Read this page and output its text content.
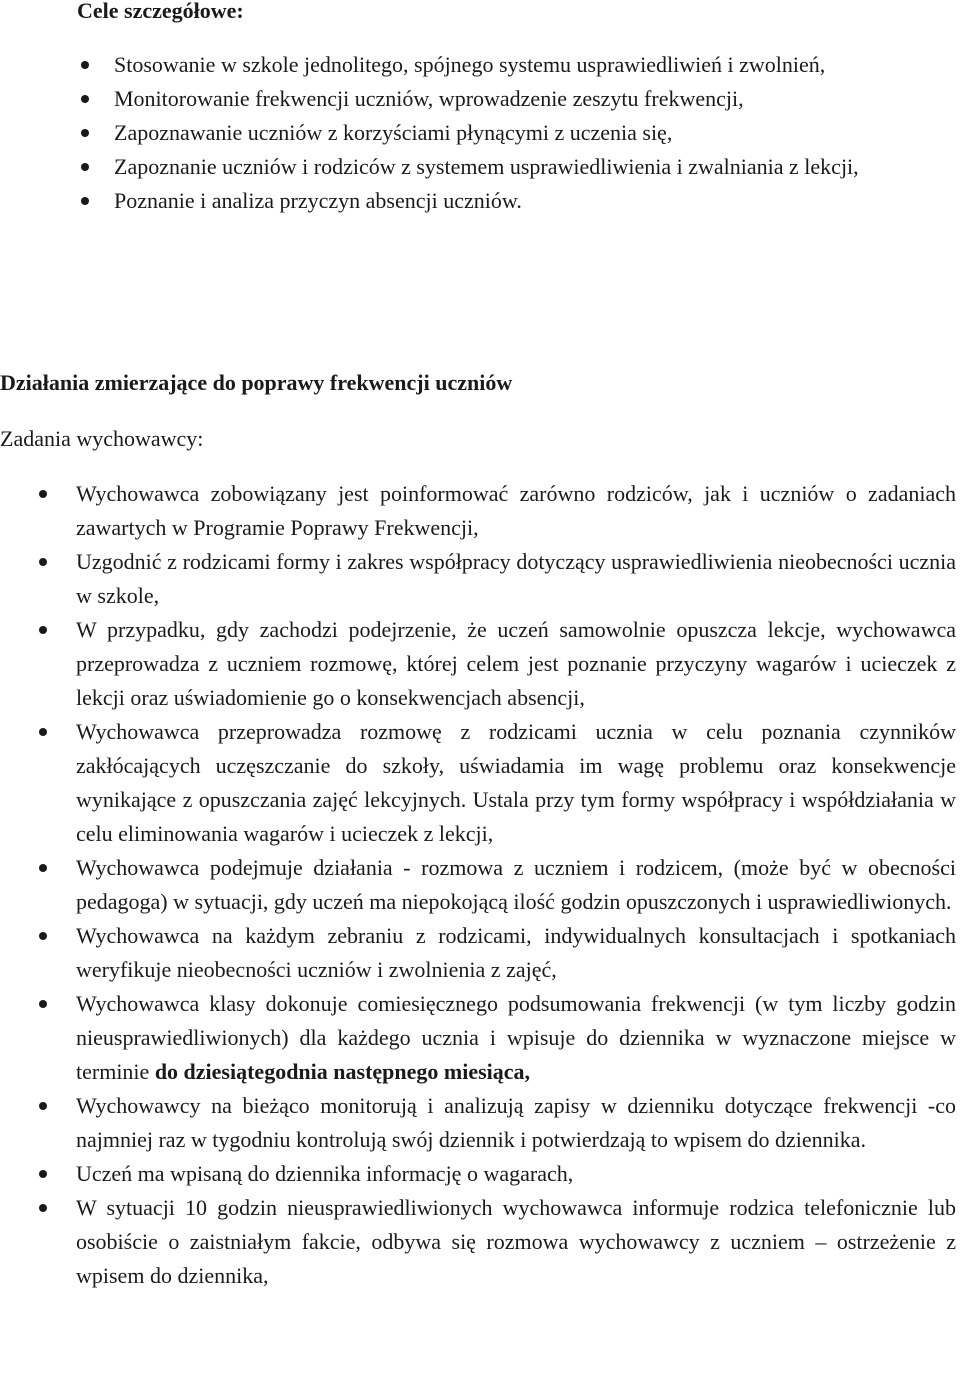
Cele szczegółowe:
Stosowanie w szkole jednolitego, spójnego systemu usprawiedliwień i zwolnień,
Monitorowanie frekwencji uczniów, wprowadzenie zeszytu frekwencji,
Zapoznawanie uczniów z korzyściami płynącymi z uczenia się,
Zapoznanie uczniów i rodziców z systemem usprawiedliwienia i zwalniania z lekcji,
Poznanie i analiza przyczyn absencji uczniów.
Działania zmierzające do poprawy frekwencji uczniów
Zadania wychowawcy:
Wychowawca zobowiązany jest poinformować zarówno rodziców, jak i uczniów o zadaniach zawartych w Programie Poprawy Frekwencji,
Uzgodnić z rodzicami formy i zakres współpracy dotyczący usprawiedliwienia nieobecności ucznia w szkole,
W przypadku, gdy zachodzi podejrzenie, że uczeń samowolnie opuszcza lekcje, wychowawca przeprowadza z uczniem rozmowę, której celem jest poznanie przyczyny wagarów i ucieczek z lekcji oraz uświadomienie go o konsekwencjach absencji,
Wychowawca przeprowadza rozmowę z rodzicami ucznia w celu poznania czynników zakłócających uczęszczanie do szkoły, uświadamia im wagę problemu oraz konsekwencje wynikające z opuszczania zajęć lekcyjnych. Ustala przy tym formy współpracy i współdziałania w celu eliminowania wagarów i ucieczek z lekcji,
Wychowawca podejmuje działania - rozmowa z uczniem i rodzicem, (może być w obecności pedagoga) w sytuacji, gdy uczeń ma niepokojącą ilość godzin opuszczonych i usprawiedliwionych.
Wychowawca na każdym zebraniu z rodzicami, indywidualnych konsultacjach i spotkaniach weryfikuje nieobecności uczniów i zwolnienia z zajęć,
Wychowawca klasy dokonuje comiesięcznego podsumowania frekwencji (w tym liczby godzin nieusprawiedliwionych) dla każdego ucznia i wpisuje do dziennika w wyznaczone miejsce w terminie do dziesiątegodnia następnego miesiąca,
Wychowawcy na bieżąco monitorują i analizują zapisy w dzienniku dotyczące frekwencji -co najmniej raz w tygodniu kontrolują swój dziennik i potwierdzają to wpisem do dziennika.
Uczeń ma wpisaną do dziennika informację o wagarach,
W sytuacji 10 godzin nieusprawiedliwionych wychowawca informuje rodzica telefonicznie lub osobiście o zaistniałym fakcie, odbywa się rozmowa wychowawcy z uczniem – ostrzeżenie z wpisem do dziennika,
